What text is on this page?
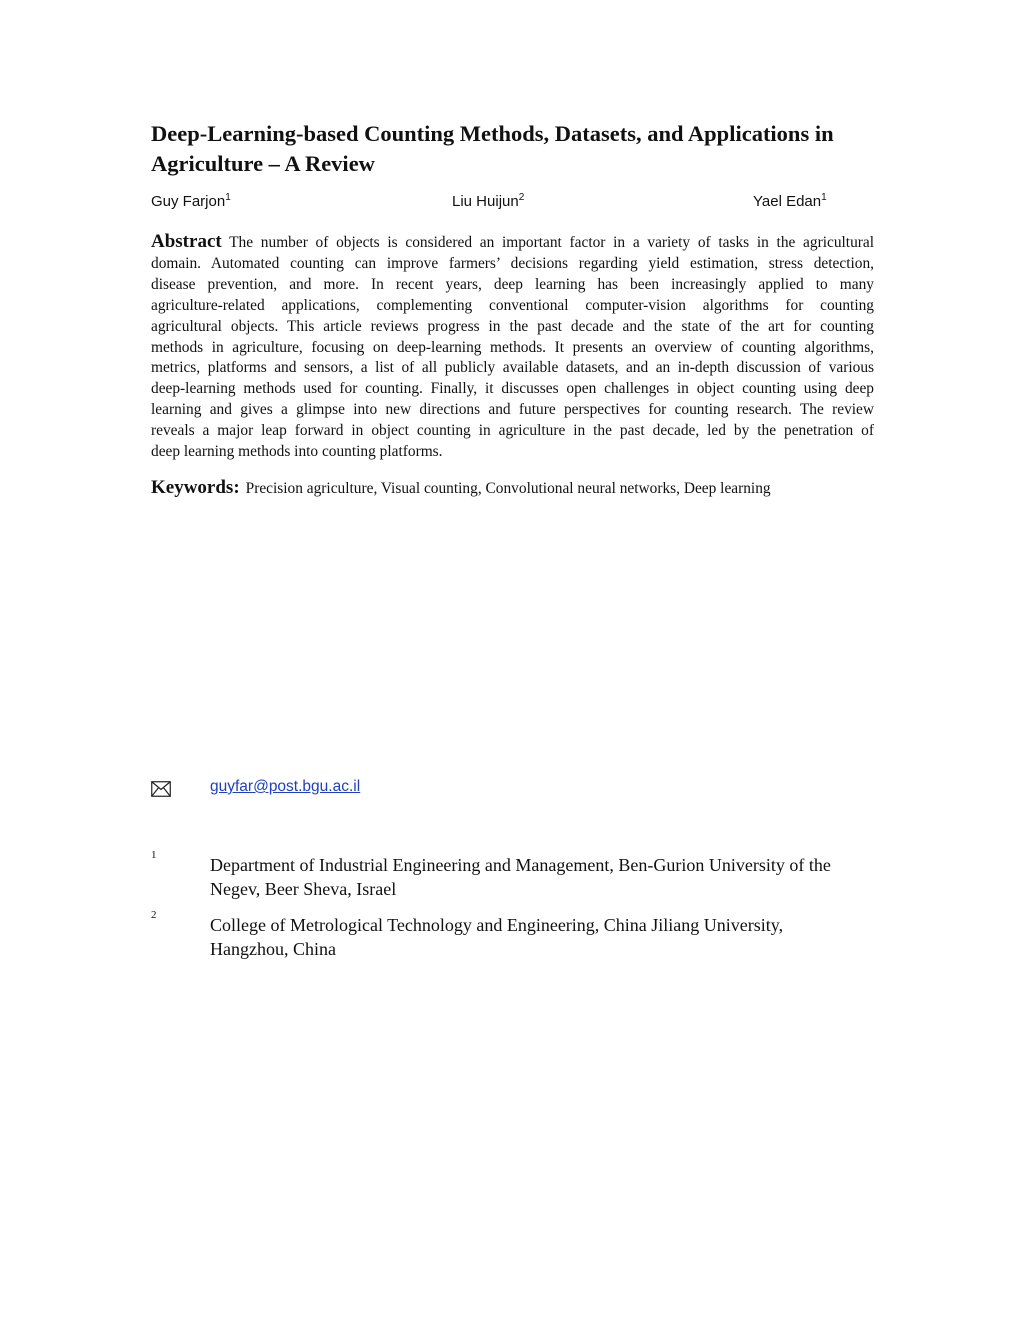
Deep-Learning-based Counting Methods, Datasets, and Applications in
Agriculture – A Review
Guy Farjon$^1$	Liu Huijun$^2$	Yael Edan$^1$
Abstract The number of objects is considered an important factor in a variety of tasks in the agricultural
domain. Automated counting can improve farmers’ decisions regarding yield estimation, stress detection,
disease prevention, and more. In recent years, deep learning has been increasingly applied to many
agriculture-related applications, complementing conventional computer-vision algorithms for counting
agricultural objects. This article reviews progress in the past decade and the state of the art for counting
methods in agriculture, focusing on deep-learning methods. It presents an overview of counting algorithms,
metrics, platforms and sensors, a list of all publicly available datasets, and an in-depth discussion of various
deep-learning methods used for counting. Finally, it discusses open challenges in object counting using deep
learning and gives a glimpse into new directions and future perspectives for counting research. The review
reveals a major leap forward in object counting in agriculture in the past decade, led by the penetration of
deep learning methods into counting platforms.
Keywords: Precision agriculture, Visual counting, Convolutional neural networks, Deep learning
guyfar@post.bgu.ac.il
1	Department of Industrial Engineering and Management, Ben-Gurion University of the
Negev, Beer Sheva, Israel
2	College of Metrological Technology and Engineering, China Jiliang University,
Hangzhou, China
